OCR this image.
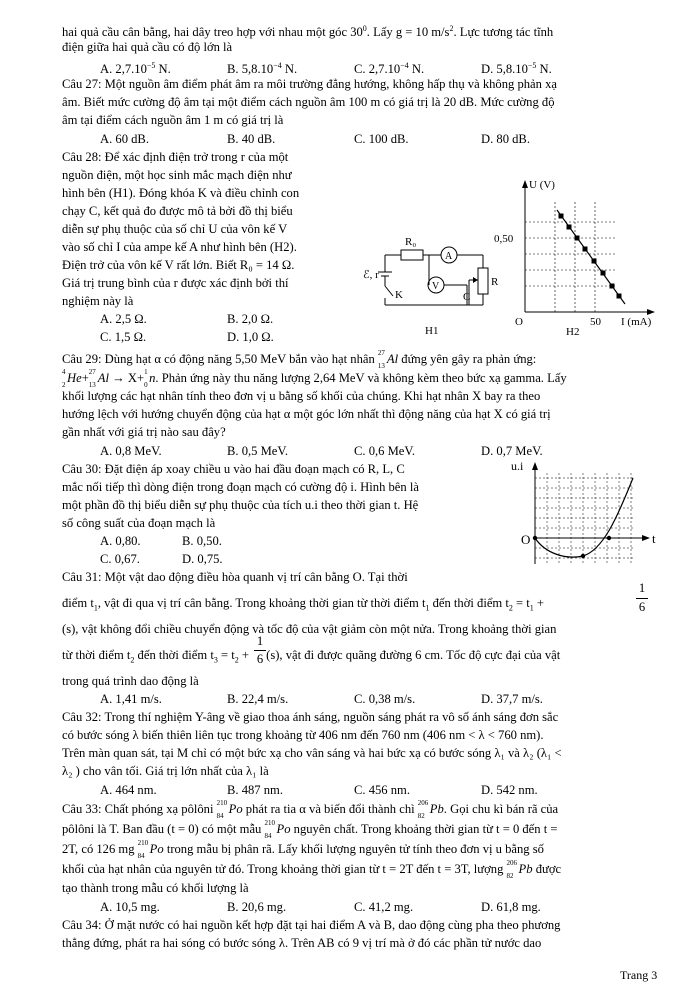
hai quả cầu cân bằng, hai dây treo hợp với nhau một góc $30^0$. Lấy g = 10 $m/s^2$. Lực tương tác tĩnh
điện giữa hai quả cầu có độ lớn là
A. $2,7.10^{-5}$ N.	B. $5,8.10^{-4}$ N.	C. $2,7.10^{-4}$ N.	D. $5,8.10^{-5}$ N.
Câu 27: Một nguồn âm điểm phát âm ra môi trường đẳng hướng, không hấp thụ và không phản xạ
âm. Biết mức cường độ âm tại một điểm cách nguồn âm 100 m có giá trị là 20 dB. Mức cường độ
âm tại điểm cách nguồn âm 1 m có giá trị là
A. 60 dB.	B. 40 dB.	C. 100 dB.	D. 80 dB.
Câu 28: Để xác định điện trở trong r của một
nguồn điện, một học sinh mắc mạch điện như
hình bên (H1). Đóng khóa K và điều chỉnh con
chạy C, kết quả đo được mô tả bởi đồ thị biểu
diễn sự phụ thuộc của số chỉ U của vôn kế V
vào số chỉ I của ampe kế A như hình bên (H2).
Điện trở của vôn kế V rất lớn. Biết R₀ = 14 Ω.
Giá trị trung bình của r được xác định bởi thí
nghiệm này là
A. 2,5 Ω.	B. 2,0 Ω.
C. 1,5 Ω.	D. 1,0 Ω.
R₀
A
V
ℰ, r
K	C
R
H1
U (V)
0,50
50 I (mA)
O
H2
Câu 29: Dùng hạt α có động năng 5,50 MeV bắn vào hạt nhân 27
13 Al đứng yên gây ra phản ứng:
4
2 He+ 27
13 Al → X+ 1
0 n. Phản ứng này thu năng lượng 2,64 MeV và không kèm theo bức xạ gamma. Lấy
khối lượng các hạt nhân tính theo đơn vị u bằng số khối của chúng. Khi hạt nhân X bay ra theo
hướng lệch với hướng chuyển động của hạt α một góc lớn nhất thì động năng của hạt X có giá trị
gần nhất với giá trị nào sau đây?
A. 0,8 MeV.	B. 0,5 MeV.	C. 0,6 MeV.	D. 0,7 MeV.
Câu 30: Đặt điện áp xoay chiều u vào hai đầu đoạn mạch có R, L, C
mắc nối tiếp thì dòng điện trong đoạn mạch có cường độ i. Hình bên là
một phần đồ thị biểu diễn sự phụ thuộc của tích u.i theo thời gian t. Hệ
số công suất của đoạn mạch là
A. 0,80.	B. 0,50.
C. 0,67.	D. 0,75.
u.i
t
O
Câu 31: Một vật dao động điều hòa quanh vị trí cân bằng O. Tại thời
điểm $t_1$, vật đi qua vị trí cân bằng. Trong khoảng thời gian từ thời điểm $t_1$ đến thời điểm $t_2 = t_1$ +
1
6
(s), vật không đổi chiều chuyển động và tốc độ của vật giảm còn một nửa. Trong khoảng thời gian
từ thời điểm $t_2$ đến thời điểm $t_3 = t_2 + (s)$, vật đi được quãng đường 6 cm. Tốc độ cực đại của vật
1
6
trong quá trình dao động là
A. 1,41 m/s.	B. 22,4 m/s.	C. 0,38 m/s.	D. 37,7 m/s.
Câu 32: Trong thí nghiệm Y-âng về giao thoa ánh sáng, nguồn sáng phát ra vô số ánh sáng đơn sắc
có bước sóng λ biến thiên liên tục trong khoảng từ 406 nm đến 760 nm (406 nm < λ < 760 nm).
Trên màn quan sát, tại M chỉ có một bức xạ cho vân sáng và hai bức xạ có bước sóng λ₁ và λ₂ (λ₁ <
λ₂ ) cho vân tối. Giá trị lớn nhất của λ₁ là
A. 464 nm.	B. 487 nm.	C. 456 nm.	D. 542 nm.
Câu 33: Chất phóng xạ pôlôni 210
84 Po phát ra tia α và biến đổi thành chì 206
82 Pb. Gọi chu kì bán rã của
pôlôni là T. Ban đầu (t = 0) có một mẫu 210
84 Po nguyên chất. Trong khoảng thời gian từ t = 0 đến t =
2T, có 126 mg 210
84 Po trong mẫu bị phân rã. Lấy khối lượng nguyên tử tính theo đơn vị u bằng số
khối của hạt nhân của nguyên tử đó. Trong khoảng thời gian từ t = 2T đến t = 3T, lượng 206
82 Pb được
tạo thành trong mẫu có khối lượng là
A. 10,5 mg.	B. 20,6 mg.	C. 41,2 mg.	D. 61,8 mg.
Câu 34: Ở mặt nước có hai nguồn kết hợp đặt tại hai điểm A và B, dao động cùng pha theo phương
thẳng đứng, phát ra hai sóng có bước sóng λ. Trên AB có 9 vị trí mà ở đó các phần tử nước dao
Trang 3
